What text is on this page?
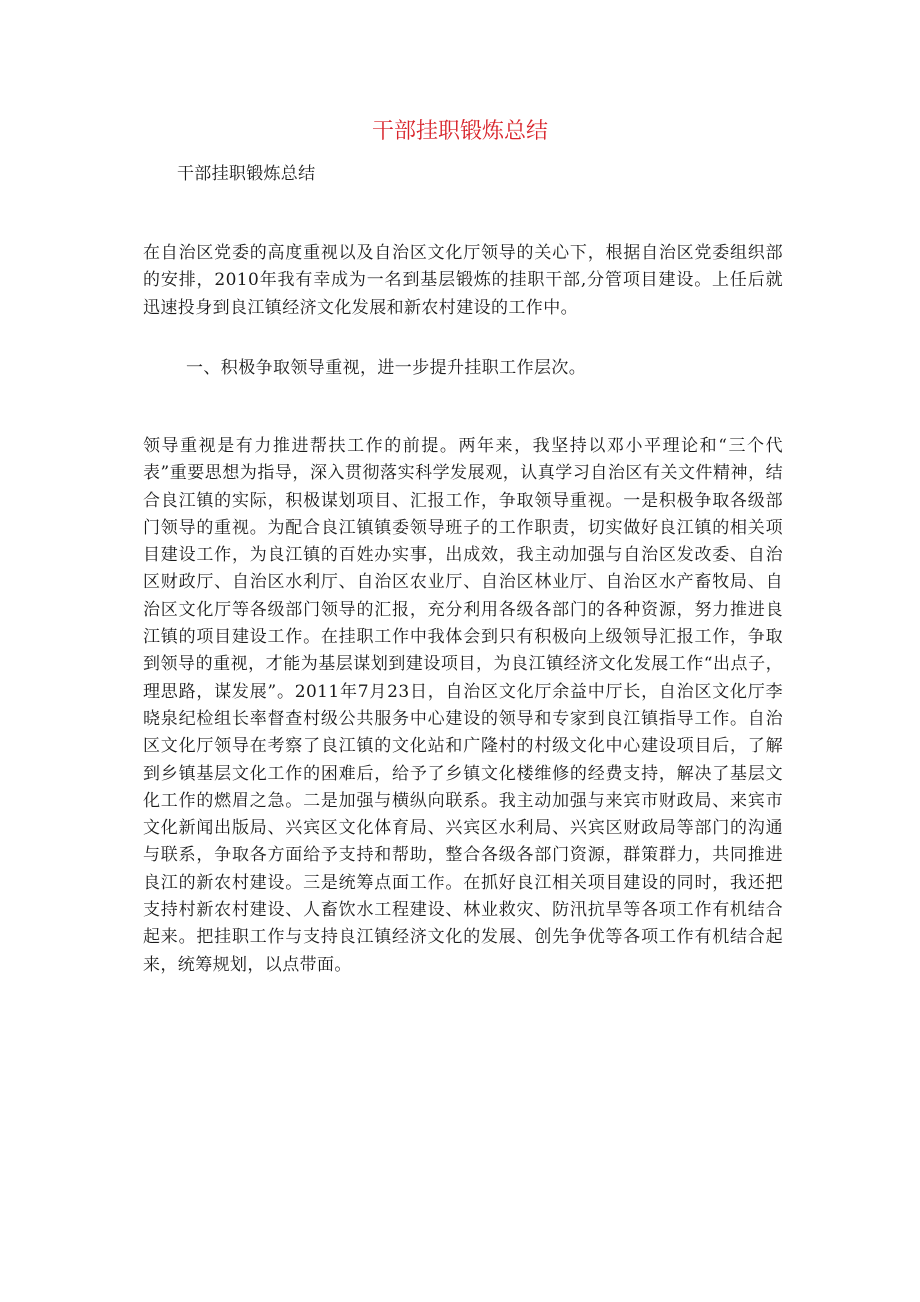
干部挂职锻炼总结
干部挂职锻炼总结
在自治区党委的高度重视以及自治区文化厅领导的关心下，根据自治区党委组织部的安排，2010年我有幸成为一名到基层锻炼的挂职干部,分管项目建设。上任后就迅速投身到良江镇经济文化发展和新农村建设的工作中。
一、积极争取领导重视，进一步提升挂职工作层次。
领导重视是有力推进帮扶工作的前提。两年来，我坚持以邓小平理论和“三个代表”重要思想为指导，深入贯彻落实科学发展观，认真学习自治区有关文件精神，结合良江镇的实际，积极谋划项目、汇报工作，争取领导重视。一是积极争取各级部门领导的重视。为配合良江镇镇委领导班子的工作职责，切实做好良江镇的相关项目建设工作，为良江镇的百姓办实事，出成效，我主动加强与自治区发改委、自治区财政厅、自治区水利厅、自治区农业厅、自治区林业厅、自治区水产畜牧局、自治区文化厅等各级部门领导的汇报，充分利用各级各部门的各种资源，努力推进良江镇的项目建设工作。在挂职工作中我体会到只有积极向上级领导汇报工作，争取到领导的重视，才能为基层谋划到建设项目，为良江镇经济文化发展工作“出点子，理思路，谋发展”。2011年7月23日，自治区文化厅余益中厅长，自治区文化厅李晓泉纪检组长率督查村级公共服务中心建设的领导和专家到良江镇指导工作。自治区文化厅领导在考察了良江镇的文化站和广隆村的村级文化中心建设项目后，了解到乡镇基层文化工作的困难后，给予了乡镇文化楼维修的经费支持，解决了基层文化工作的燃眉之急。二是加强与横纵向联系。我主动加强与来宾市财政局、来宾市文化新闻出版局、兴宾区文化体育局、兴宾区水利局、兴宾区财政局等部门的沟通与联系，争取各方面给予支持和帮助，整合各级各部门资源，群策群力，共同推进良江的新农村建设。三是统筹点面工作。在抓好良江相关项目建设的同时，我还把支持村新农村建设、人畜饮水工程建设、林业救灾、防汛抗旱等各项工作有机结合起来。把挂职工作与支持良江镇经济文化的发展、创先争优等各项工作有机结合起来，统筹规划，以点带面。
